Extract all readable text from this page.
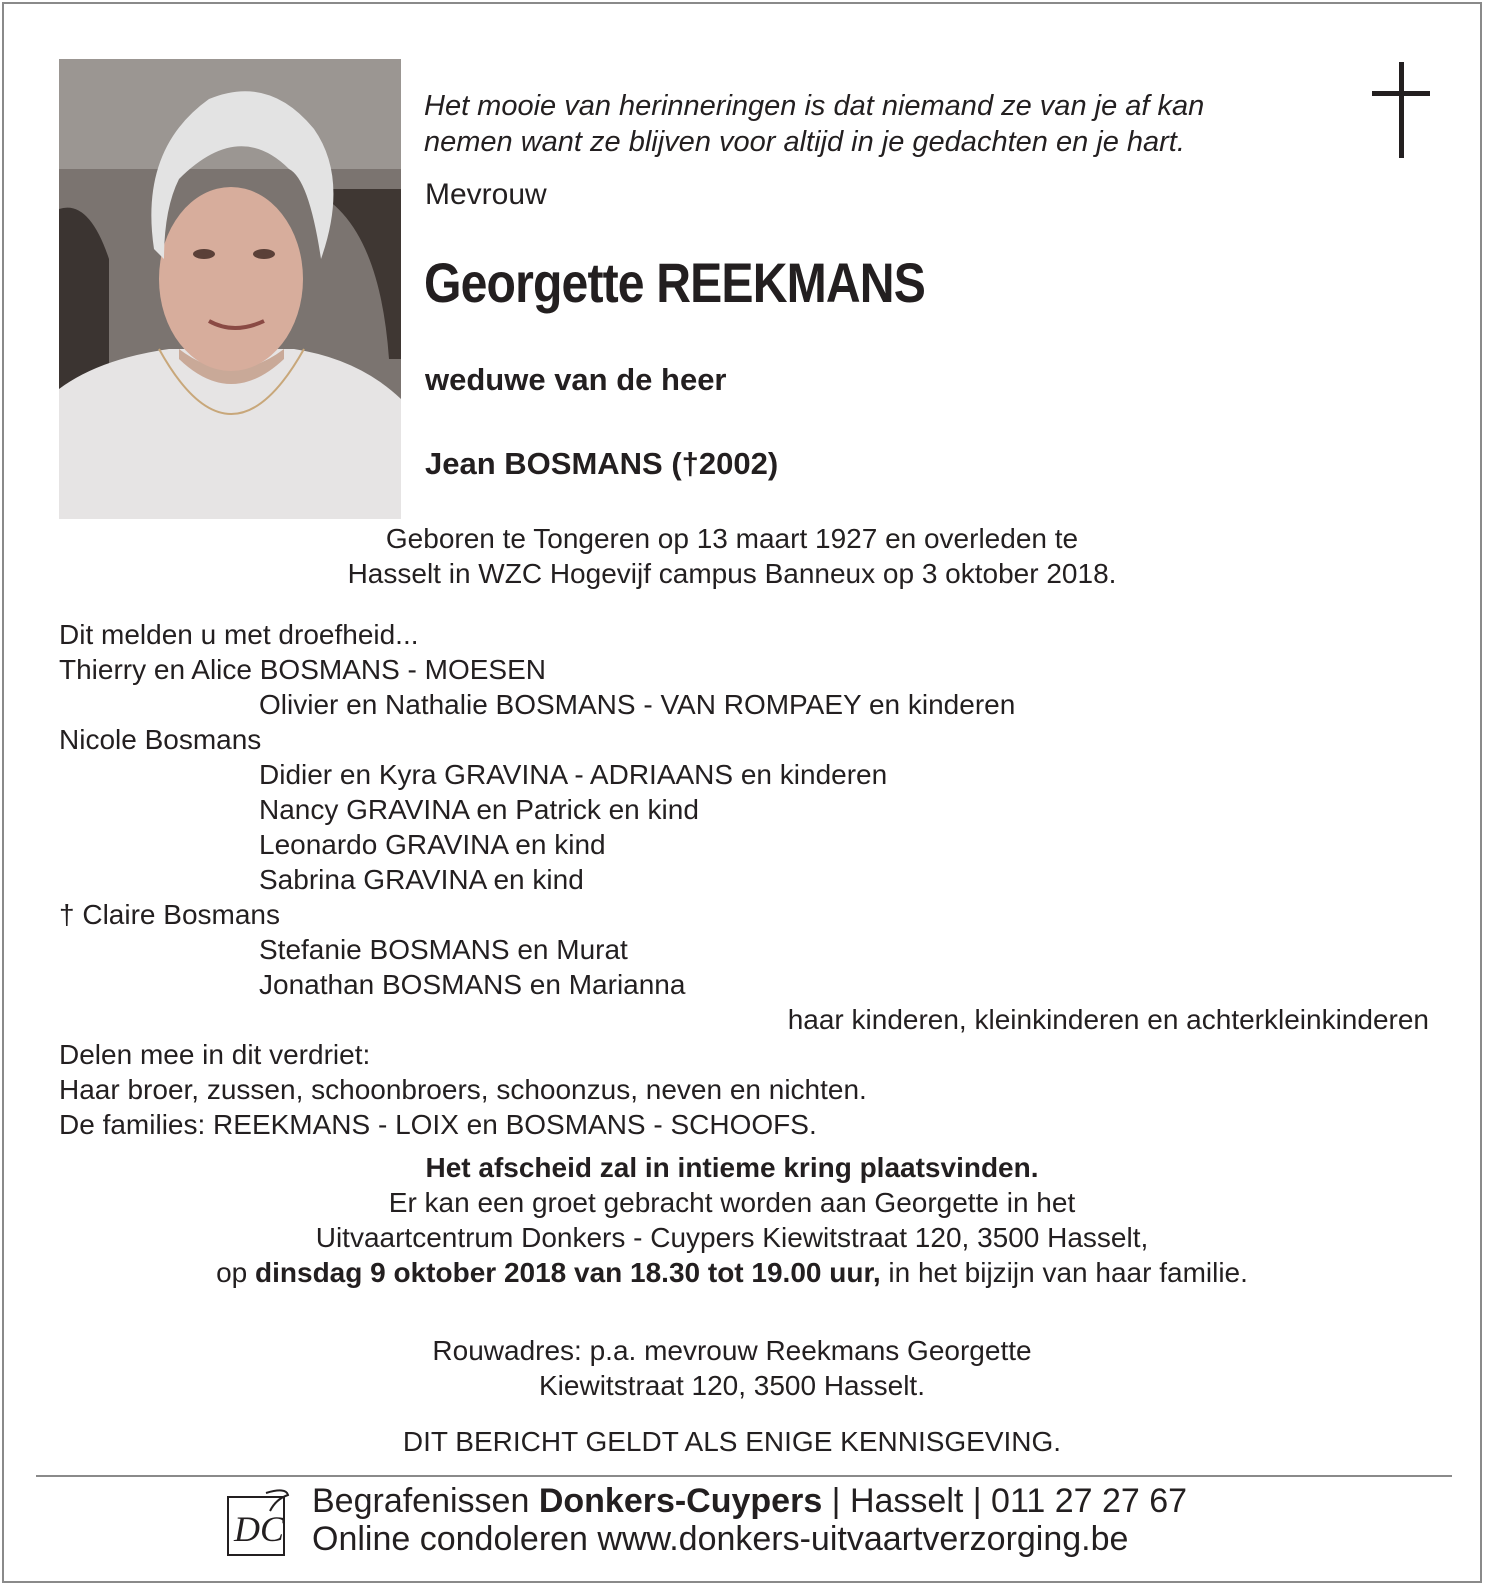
Het mooie van herinneringen is dat niemand ze van je af kan
nemen want ze blijven voor altijd in je gedachten en je hart.
Mevrouw
Georgette REEKMANS
weduwe van de heer
Jean BOSMANS (†2002)
Geboren te Tongeren op 13 maart 1927 en overleden te
Hasselt in WZC Hogevijf campus Banneux op 3 oktober 2018.
Dit melden u met droefheid...
Thierry en Alice BOSMANS - MOESEN
Olivier en Nathalie BOSMANS - VAN ROMPAEY en kinderen
Nicole Bosmans
Didier en Kyra GRAVINA - ADRIAANS en kinderen
Nancy GRAVINA en Patrick en kind
Leonardo GRAVINA en kind
Sabrina GRAVINA en kind
† Claire Bosmans
Stefanie BOSMANS en Murat
Jonathan BOSMANS en Marianna
haar kinderen, kleinkinderen en achterkleinkinderen
Delen mee in dit verdriet:
Haar broer, zussen, schoonbroers, schoonzus, neven en nichten.
De families: REEKMANS - LOIX en BOSMANS - SCHOOFS.
Het afscheid zal in intieme kring plaatsvinden.
Er kan een groet gebracht worden aan Georgette in het
Uitvaartcentrum Donkers - Cuypers Kiewitstraat 120, 3500 Hasselt,
op dinsdag 9 oktober 2018 van 18.30 tot 19.00 uur, in het bijzijn van haar familie.
Rouwadres: p.a. mevrouw Reekmans Georgette
Kiewitstraat 120, 3500 Hasselt.
DIT BERICHT GELDT ALS ENIGE KENNISGEVING.
DC
Begrafenissen Donkers-Cuypers | Hasselt | 011 27 27 67
Online condoleren www.donkers-uitvaartverzorging.be
